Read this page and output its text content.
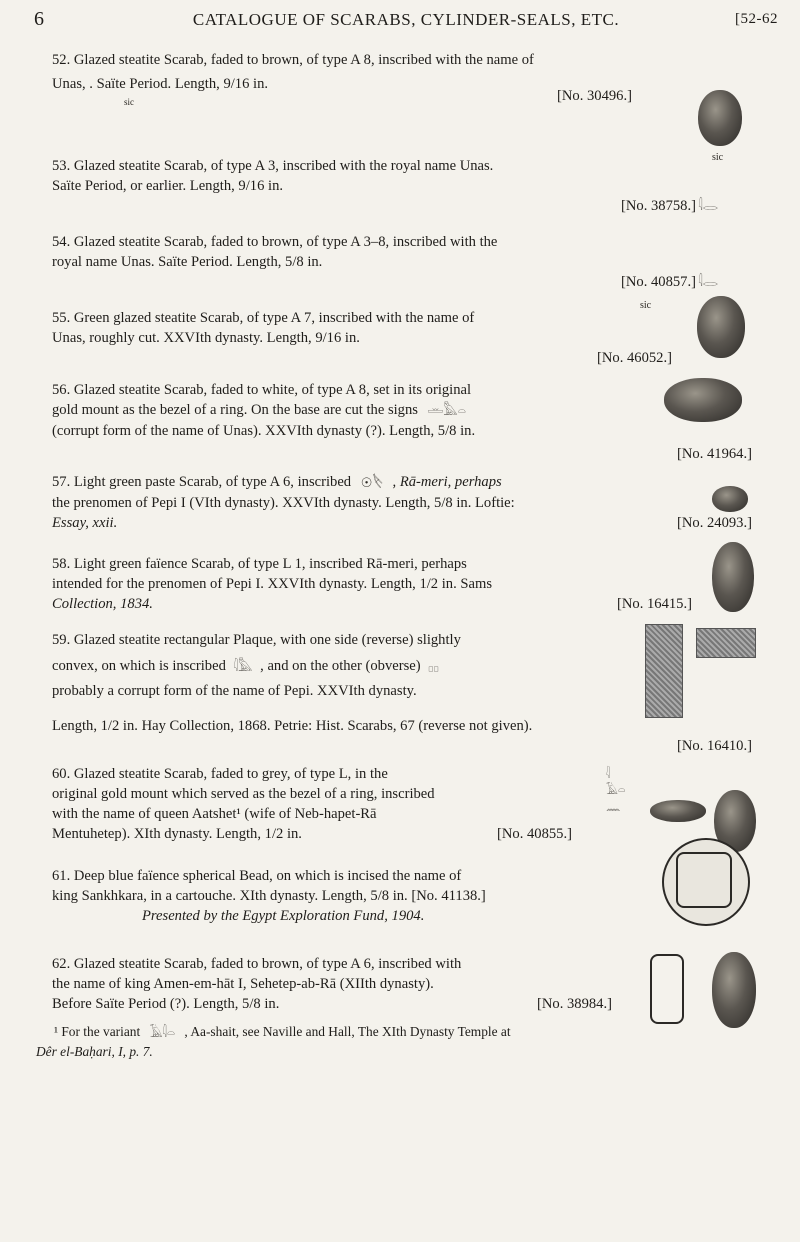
6	CATALOGUE OF SCARABS, CYLINDER-SEALS, ETC.	[52-62
52. Glazed steatite Scarab, faded to brown, of type A 8, inscribed with the name of
Unas, . Saïte Period. Length, 9/16 in.
[No. 30496.]
sic
53. Glazed steatite Scarab, of type A 3, inscribed with the royal name Unas.
Saïte Period, or earlier. Length, 9/16 in.
[No. 38758.] 𓇋𓂋
sic
54. Glazed steatite Scarab, faded to brown, of type A 3–8, inscribed with the
royal name Unas. Saïte Period. Length, 5/8 in.
[No. 40857.] 𓇋𓂋
55. Green glazed steatite Scarab, of type A 7, inscribed with the name of
Unas, roughly cut. XXVIth dynasty. Length, 9/16 in.
[No. 46052.]
sic
56. Glazed steatite Scarab, faded to white, of type A 8, set in its original
gold mount as the bezel of a ring. On the base are cut the signs 𓏛𓅓𓏏
(corrupt form of the name of Unas). XXVIth dynasty (?). Length, 5/8 in.
[No. 41964.]
57. Light green paste Scarab, of type A 6, inscribed ☉𓌸 , Rā-meri, perhaps
the prenomen of Pepi I (VIth dynasty). XXVIth dynasty. Length, 5/8 in. Loftie:
Essay, xxii.	[No. 24093.]
58. Light green faïence Scarab, of type L 1, inscribed Rā-meri, perhaps
intended for the prenomen of Pepi I. XXVIth dynasty. Length, 1/2 in. Sams
Collection, 1834.	[No. 16415.]
59. Glazed steatite rectangular Plaque, with one side (reverse) slightly
convex, on which is inscribed 𓇋𓅓 , and on the other (obverse) 𓊪𓊪
probably a corrupt form of the name of Pepi. XXVIth dynasty.
Length, 1/2 in. Hay Collection, 1868. Petrie: Hist. Scarabs, 67 (reverse not given).
[No. 16410.]
60. Glazed steatite Scarab, faded to grey, of type L, in the
original gold mount which served as the bezel of a ring, inscribed
with the name of queen Aatshet¹ (wife of Neb-hapet-Rā
Mentuhetep). XIth dynasty. Length, 1/2 in.	[No. 40855.]
𓇋
𓄿𓏏
𓈖
61. Deep blue faïence spherical Bead, on which is incised the name of
king Sankhkara, in a cartouche. XIth dynasty. Length, 5/8 in. [No. 41138.]
Presented by the Egypt Exploration Fund, 1904.
62. Glazed steatite Scarab, faded to brown, of type A 6, inscribed with
the name of king Amen-em-hāt I, Sehetep-ab-Rā (XIIth dynasty).
Before Saïte Period (?). Length, 5/8 in.	[No. 38984.]
¹ For the variant 𓄿𓇋𓏏 , Aa-shait, see Naville and Hall, The XIth Dynasty Temple at
Dêr el-Baḥari, I, p. 7.
